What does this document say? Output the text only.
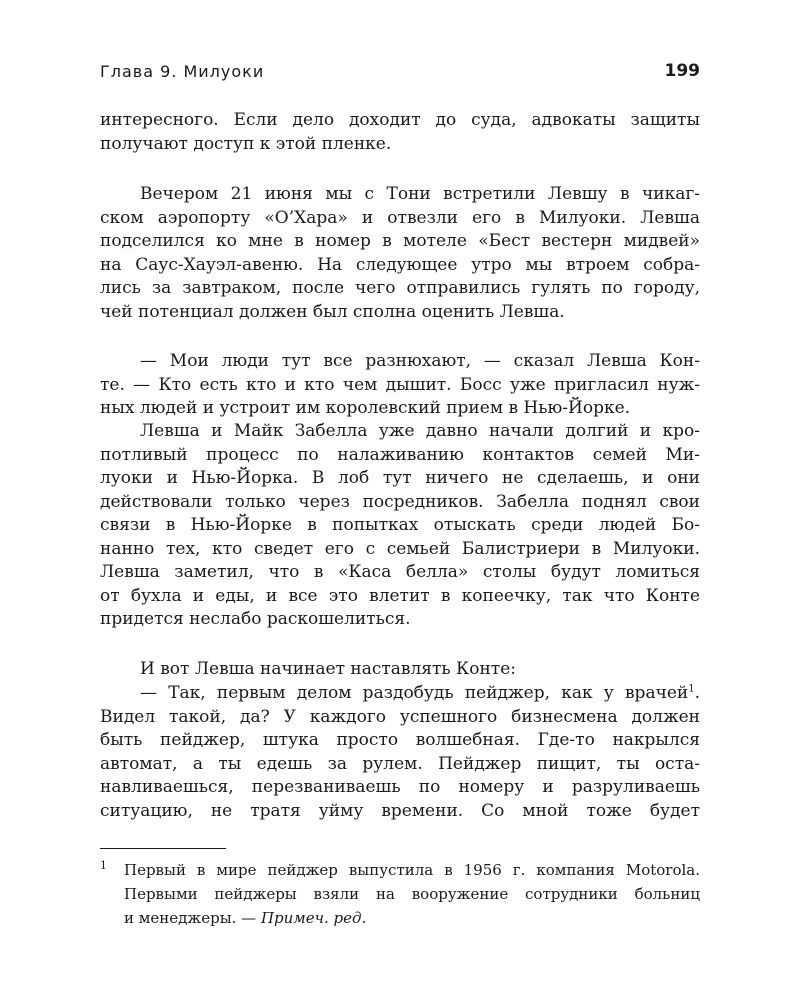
Глава 9. Милуоки	199
интересного. Если дело доходит до суда, адвокаты защиты
получают доступ к этой пленке.
Вечером 21 июня мы с Тони встретили Левшу в чикаг-
ском аэропорту «О’Хара» и отвезли его в Милуоки. Левша
подселился ко мне в номер в мотеле «Бест вестерн мидвей»
на Саус-Хауэл-авеню. На следующее утро мы втроем собра-
лись за завтраком, после чего отправились гулять по городу,
чей потенциал должен был сполна оценить Левша.
— Мои люди тут все разнюхают, — сказал Левша Кон-
те. — Кто есть кто и кто чем дышит. Босс уже пригласил нуж-
ных людей и устроит им королевский прием в Нью-Йорке.
Левша и Майк Забелла уже давно начали долгий и кро-
потливый процесс по налаживанию контактов семей Ми-
луоки и Нью-Йорка. В лоб тут ничего не сделаешь, и они
действовали только через посредников. Забелла поднял свои
связи в Нью-Йорке в попытках отыскать среди людей Бо-
нанно тех, кто сведет его с семьей Балистриери в Милуоки.
Левша заметил, что в «Каса белла» столы будут ломиться
от бухла и еды, и все это влетит в копеечку, так что Конте
придется неслабо раскошелиться.
И вот Левша начинает наставлять Конте:
— Так, первым делом раздобудь пейджер, как у врачей$^1$.
Видел такой, да? У каждого успешного бизнесмена должен
быть пейджер, штука просто волшебная. Где-то накрылся
автомат, а ты едешь за рулем. Пейджер пищит, ты оста-
навливаешься, перезваниваешь по номеру и разруливаешь
ситуацию, не тратя уйму времени. Со мной тоже будет
1 Первый в мире пейджер выпустила в 1956 г. компания Motorola.
Первыми пейджеры взяли на вооружение сотрудники больниц
и менеджеры. — Примеч. ред.
